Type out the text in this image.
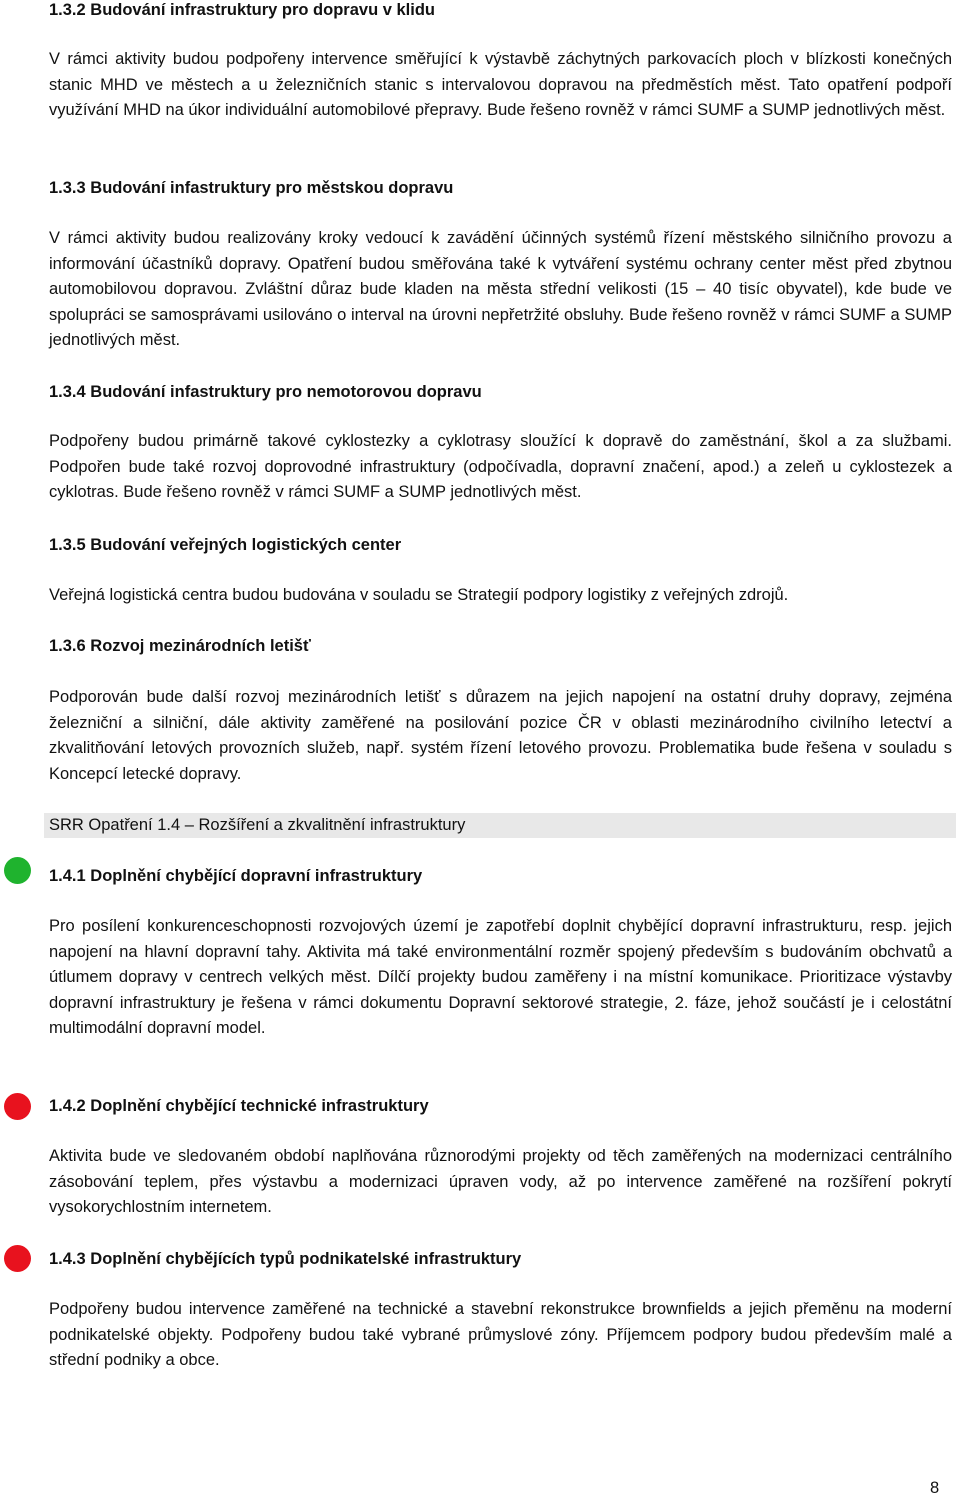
1.3.2 Budování infrastruktury pro dopravu v klidu

V rámci aktivity budou podpořeny intervence směřující k výstavbě záchytných parkovacích ploch v blízkosti konečných stanic MHD ve městech a u železničních stanic s intervalovou dopravou na předměstích měst. Tato opatření podpoří využívání MHD na úkor individuální automobilové přepravy. Bude řešeno rovněž v rámci SUMF a SUMP jednotlivých měst.

1.3.3 Budování infastruktury pro městskou dopravu

V rámci aktivity budou realizovány kroky vedoucí k zavádění účinných systémů řízení městského silničního provozu a informování účastníků dopravy. Opatření budou směřována také k vytváření systému ochrany center měst před zbytnou automobilovou dopravou. Zvláštní důraz bude kladen na města střední velikosti (15 – 40 tisíc obyvatel), kde bude ve spolupráci se samosprávami usilováno o interval na úrovni nepřetržité obsluhy. Bude řešeno rovněž v rámci SUMF a SUMP jednotlivých měst.

1.3.4 Budování infastruktury pro nemotorovou dopravu

Podpořeny budou primárně takové cyklostezky a cyklotrasy sloužící k dopravě do zaměstnání, škol a za službami. Podpořen bude také rozvoj doprovodné infrastruktury (odpočívadla, dopravní značení, apod.) a zeleň u cyklostezek a cyklotras. Bude řešeno rovněž v rámci SUMF a SUMP jednotlivých měst.

1.3.5 Budování veřejných logistických center

Veřejná logistická centra budou budována v souladu se Strategií podpory logistiky z veřejných zdrojů.

1.3.6 Rozvoj mezinárodních letišť

Podporován bude další rozvoj mezinárodních letišť s důrazem na jejich napojení na ostatní druhy dopravy, zejména železniční a silniční, dále aktivity zaměřené na posilování pozice ČR v oblasti mezinárodního civilního letectví a zkvalitňování letových provozních služeb, např. systém řízení letového provozu. Problematika bude řešena v souladu s Koncepcí letecké dopravy.

SRR Opatření 1.4 – Rozšíření a zkvalitnění infrastruktury
1.4.1 Doplnění chybějící dopravní infrastruktury

Pro posílení konkurenceschopnosti rozvojových území je zapotřebí doplnit chybějící dopravní infrastrukturu, resp. jejich napojení na hlavní dopravní tahy. Aktivita má také environmentální rozměr spojený především s budováním obchvatů a útlumem dopravy v centrech velkých měst. Dílčí projekty budou zaměřeny i na místní komunikace. Prioritizace výstavby dopravní infrastruktury je řešena v rámci dokumentu Dopravní sektorové strategie, 2. fáze, jehož součástí je i celostátní multimodální dopravní model.

1.4.2 Doplnění chybějící technické infrastruktury

Aktivita bude ve sledovaném období naplňována různorodými projekty od těch zaměřených na modernizaci centrálního zásobování teplem, přes výstavbu a modernizaci úpraven vody, až po intervence zaměřené na rozšíření pokrytí vysokorychlostním internetem.

1.4.3 Doplnění chybějících typů podnikatelské infrastruktury

Podpořeny budou intervence zaměřené na technické a stavební rekonstrukce brownfields a jejich přeměnu na moderní podnikatelské objekty. Podpořeny budou také vybrané průmyslové zóny. Příjemcem podpory budou především malé a střední podniky a obce.

8
